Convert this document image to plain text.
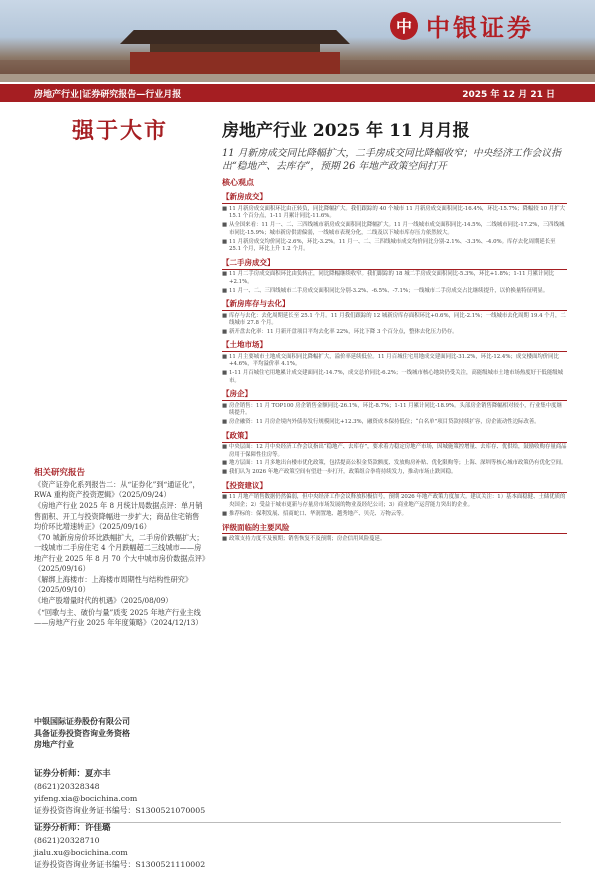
中 中银证券
房地产行业|证券研究报告—行业月报	2025 年 12 月 21 日
强于大市
相关研究报告

《资产证券化系列报告二：从“证券化”到“通证化”，RWA 重构资产投资逻辑》（2025/09/24）

《房地产行业 2025 年 8 月统计局数据点评：单月销售面积、开工与投资降幅进一步扩大；商品住宅销售均价环比增速转正》（2025/09/16）

《70 城新房房价环比跌幅扩大，二手房价跌幅扩大；一线城市二手房住宅 4 个月跌幅超二三线城市——房地产行业 2025 年 8 月 70 个大中城市房价数据点评》（2025/09/16）

《解绑上海楼市：上海楼市周期性与结构性研究》（2025/09/10）

《地产股增量时代的机遇》（2025/08/09）

《“回歌与主、破价与量”质变 2025 年地产行业主线——房地产行业 2025 年年度策略》（2024/12/13）

中银国际证券股份有限公司

具备证券投资咨询业务资格

房地产行业

证券分析师：夏亦丰

(8621)20328348

yifeng.xia@bocichina.com

证券投资咨询业务证书编号：S1300521070005

证券分析师：许佳璐

(8621)20328710

jialu.xu@bocichina.com

证券投资咨询业务证书编号：S1300521110002

房地产行业 2025 年 11 月月报
11 月新房成交同比降幅扩大，二手房成交同比降幅收窄；中央经济工作会议指出“稳地产、去库存”，预期 26 年地产政策空间打开
核心观点
【新房成交】
■ 11 月新房成交面积环比由正转负，同比降幅扩大。我们跟踪的 40 个城市 11 月新房成交面积同比-16.4%，环比-15.7%；降幅较 10 月扩大 15.1 个百分点，1-11 月累计同比-11.6%。
■ 从全国来看：11 月一、二、三四线城市新房成交面积同比降幅扩大。11 月一线城市成交面积同比-14.5%，二线城市同比-17.2%，三四线城市同比-15.9%；城市新房供需偏弱，一线城市表现分化，二线及以下城市库存压力依然较大。
■ 11 月新房成交均价同比-2.6%，环比-3.2%。11 月一、二、三四线城市成交均价同比分别-2.1%、-3.3%、-4.0%。库存去化周期延长至 25.1 个月，环比上升 1.2 个月。
【二手房成交】
■ 11 月二手房成交面积环比由负转正，同比降幅继续收窄。我们跟踪的 18 城二手房成交面积同比-5.3%，环比+1.8%；1-11 月累计同比+2.1%。
■ 11 月一、二、三四线城市二手房成交面积同比分别-3.2%、-6.5%、-7.1%；一线城市二手房成交占比继续提升，以价换量特征明显。
【新房库存与去化】
■ 库存与去化：去化周期延长至 25.1 个月。11 月我们跟踪的 12 城新房库存面积环比+0.6%，同比-2.1%；一线城市去化周期 19.4 个月，二线城市 27.8 个月。
■ 新开盘去化率：11 月新开盘项目平均去化率 22%，环比下降 3 个百分点，整体去化压力仍存。
【土地市场】
■ 11 月主要城市土地成交面积同比降幅扩大，溢价率延续低位。11 月百城住宅用地成交建面同比-31.2%，环比-12.4%；成交楼面均价同比+4.6%，平均溢价率 4.1%。
■ 1-11 月百城住宅用地累计成交建面同比-14.7%，成交总价同比-6.2%；一线城市核心地块仍受关注，高能级城市土地市场热度好于低能级城市。
【房企】
■ 房企销售：11 月 TOP100 房企销售金额同比-26.1%，环比-8.7%；1-11 月累计同比-18.9%。头部房企销售降幅相对较小，行业集中度继续提升。
■ 房企融资：11 月房企境内外债券发行规模同比+12.3%，融资成本保持低位；“白名单”项目贷款持续扩容，房企流动性边际改善。
【政策】
■ 中央层面：12 月中央经济工作会议指出“稳地产、去库存”，要求着力稳定房地产市场，因城施策控增量、去库存、优供给，鼓励收购存量商品房用于保障性住房等。
■ 地方层面：11 月多地出台楼市优化政策，包括提高公积金贷款额度、发放购房补贴、优化限购等；上海、深圳等核心城市政策仍有优化空间。
■ 我们认为 2026 年地产政策空间有望进一步打开，政策组合拳将持续发力，推动市场止跌回稳。
【投资建议】
■ 11 月地产销售数据仍然偏弱，但中央经济工作会议释放积极信号，预期 2026 年地产政策力度加大。建议关注：1）基本面稳健、土储优质的央国企；2）受益于城市更新与存量房市场发展的物业及经纪公司；3）商业地产运营能力突出的企业。
■ 推荐标的：保利发展、招商蛇口、华润置地、越秀地产、贝壳、万物云等。
评级面临的主要风险
■ 政策支持力度不及预期；销售恢复不及预期；房企信用风险蔓延。
